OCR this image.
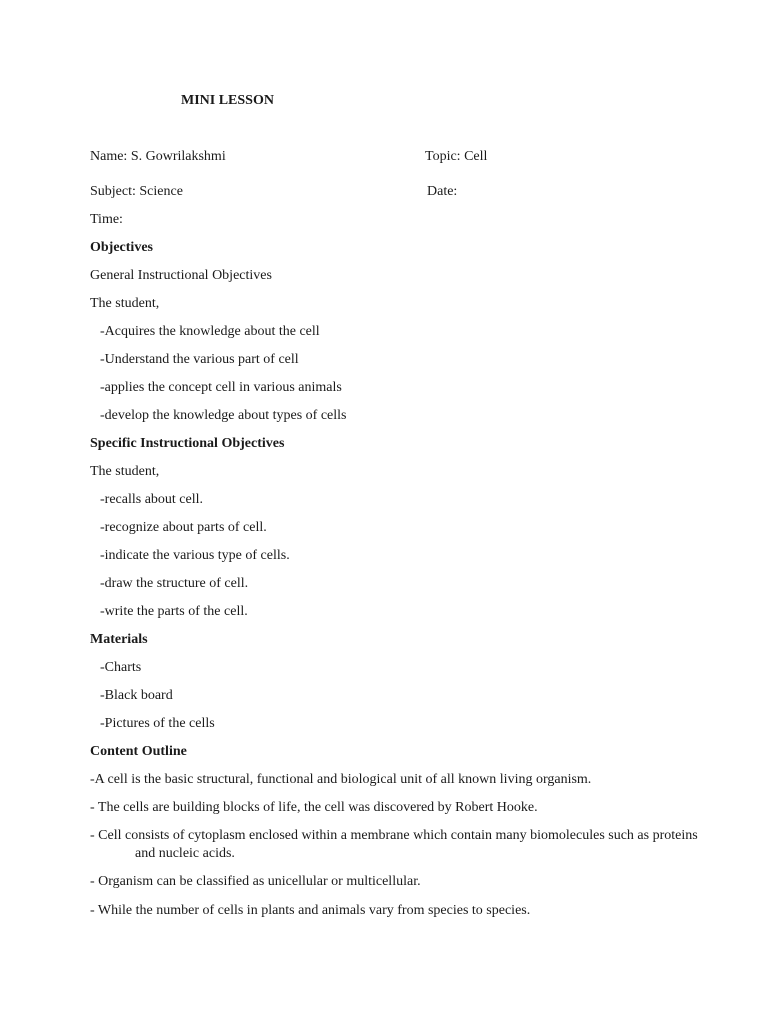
MINI LESSON
Name: S. Gowrilakshmi	Topic: Cell
Subject: Science	Date:
Time:
Objectives
General Instructional Objectives
The student,
-Acquires the knowledge about the cell
-Understand the various part of cell
-applies the concept cell in various animals
-develop the knowledge about types of cells
Specific Instructional Objectives
The student,
-recalls about cell.
-recognize about parts of cell.
-indicate the various type of cells.
-draw the structure of cell.
-write the parts of the cell.
Materials
-Charts
-Black board
-Pictures of the cells
Content Outline
-A cell is the basic structural, functional and biological unit of all known living organism.
- The cells are building blocks of life, the cell was discovered by Robert Hooke.
- Cell consists of cytoplasm enclosed within a membrane which contain many biomolecules such as proteins
and nucleic acids.
- Organism can be classified as unicellular or multicellular.
- While the number of cells in plants and animals vary from species to species.
